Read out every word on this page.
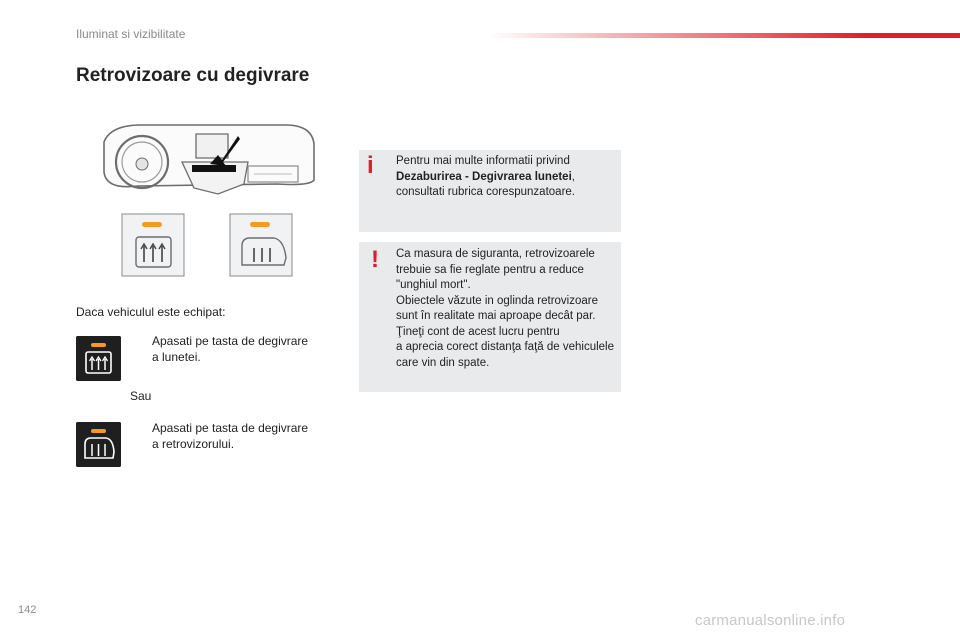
Iluminat si vizibilitate
Retrovizoare cu degivrare
Daca vehiculul este echipat:
Apasati pe tasta de degivrare a lunetei.
Sau
Apasati pe tasta de degivrare a retrovizorului.
i Pentru mai multe informatii privind Dezaburirea - Degivrarea lunetei, consultati rubrica corespunzatoare.
! Ca masura de siguranta, retrovizoarele trebuie sa fie reglate pentru a reduce "unghiul mort".
Obiectele văzute in oglinda retrovizoare sunt în realitate mai aproape decât par. Ţineţi cont de acest lucru pentru
a aprecia corect distanţa faţă de vehiculele care vin din spate.
142
carmanualsonline.info
